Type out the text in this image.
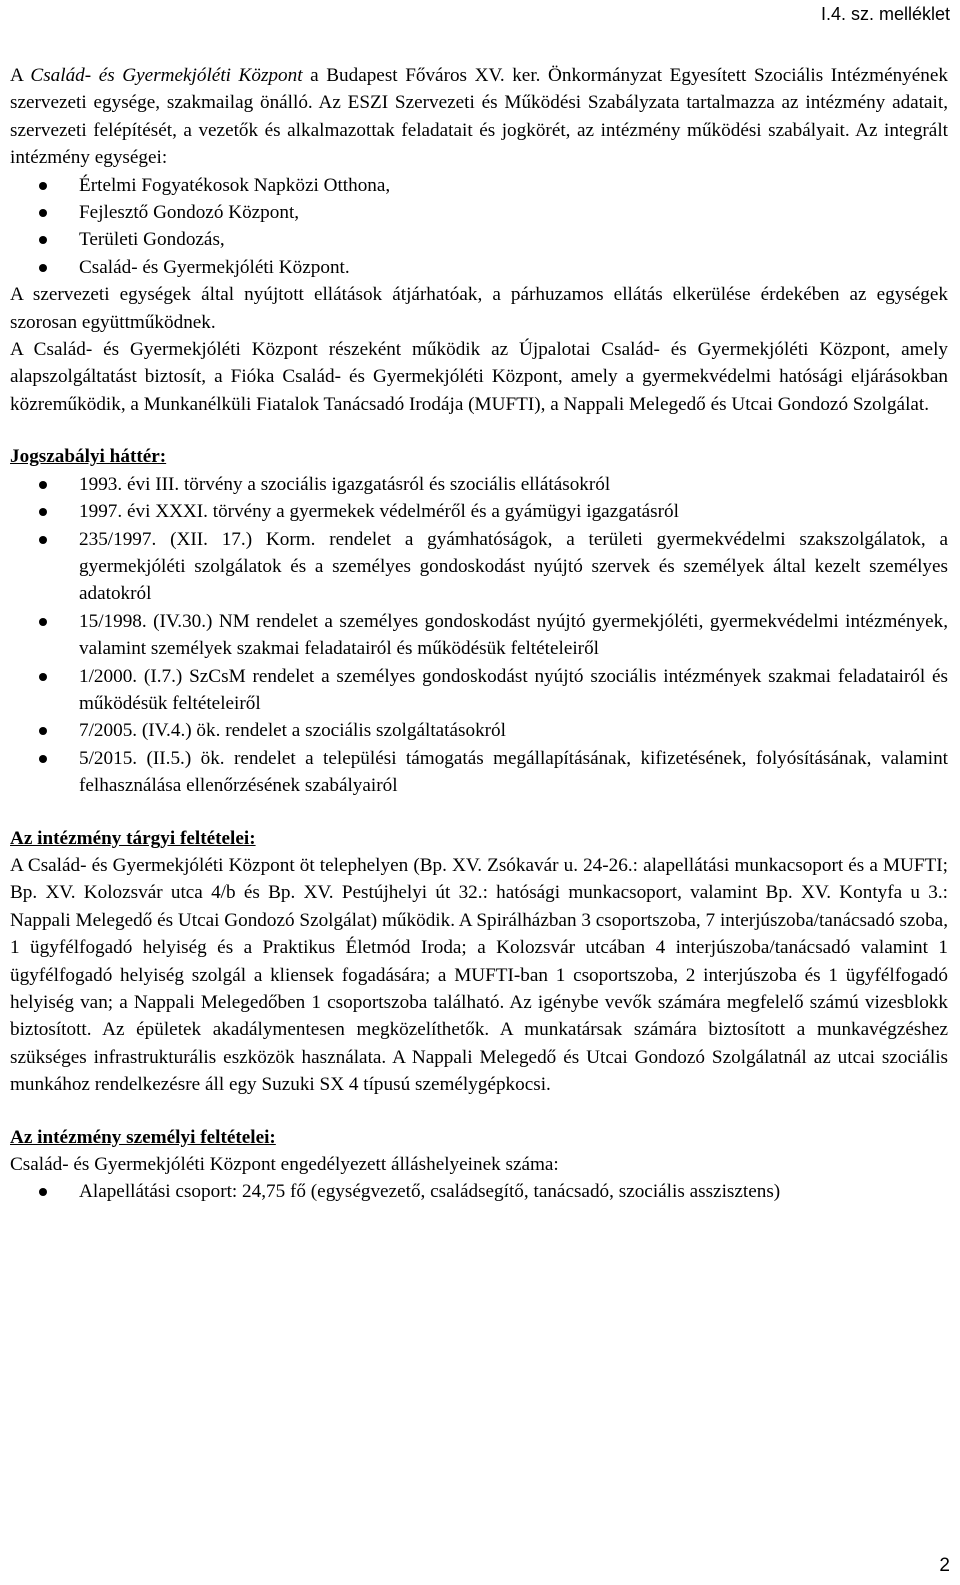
I.4. sz. melléklet

A Család- és Gyermekjóléti Központ a Budapest Főváros XV. ker. Önkormányzat Egyesített Szociális Intézményének szervezeti egysége, szakmailag önálló. Az ESZI Szervezeti és Működési Szabályzata tartalmazza az intézmény adatait, szervezeti felépítését, a vezetők és alkalmazottak feladatait és jogkörét, az intézmény működési szabályait. Az integrált intézmény egységei:

Értelmi Fogyatékosok Napközi Otthona,
Fejlesztő Gondozó Központ,
Területi Gondozás,
Család- és Gyermekjóléti Központ.

A szervezeti egységek által nyújtott ellátások átjárhatóak, a párhuzamos ellátás elkerülése érdekében az egységek szorosan együttműködnek.

A Család- és Gyermekjóléti Központ részeként működik az Újpalotai Család- és Gyermekjóléti Központ, amely alapszolgáltatást biztosít, a Fióka Család- és Gyermekjóléti Központ, amely a gyermekvédelmi hatósági eljárásokban közreműködik, a Munkanélküli Fiatalok Tanácsadó Irodája (MUFTI), a Nappali Melegedő és Utcai Gondozó Szolgálat.

Jogszabályi háttér:

1993. évi III. törvény a szociális igazgatásról és szociális ellátásokról
1997. évi XXXI. törvény a gyermekek védelméről és a gyámügyi igazgatásról
235/1997. (XII. 17.) Korm. rendelet a gyámhatóságok, a területi gyermekvédelmi szakszolgálatok, a gyermekjóléti szolgálatok és a személyes gondoskodást nyújtó szervek és személyek által kezelt személyes adatokról
15/1998. (IV.30.) NM rendelet a személyes gondoskodást nyújtó gyermekjóléti, gyermekvédelmi intézmények, valamint személyek szakmai feladatairól és működésük feltételeiről
1/2000. (I.7.) SzCsM rendelet a személyes gondoskodást nyújtó szociális intézmények szakmai feladatairól és működésük feltételeiről
7/2005. (IV.4.) ök. rendelet a szociális szolgáltatásokról
5/2015. (II.5.) ök. rendelet a települési támogatás megállapításának, kifizetésének, folyósításának, valamint felhasználása ellenőrzésének szabályairól

Az intézmény tárgyi feltételei:

A Család- és Gyermekjóléti Központ öt telephelyen (Bp. XV. Zsókavár u. 24-26.: alapellátási munkacsoport és a MUFTI; Bp. XV. Kolozsvár utca 4/b és Bp. XV. Pestújhelyi út 32.: hatósági munkacsoport, valamint Bp. XV. Kontyfa u 3.: Nappali Melegedő és Utcai Gondozó Szolgálat) működik. A Spirálházban 3 csoportszoba, 7 interjúszoba/tanácsadó szoba, 1 ügyfélfogadó helyiség és a Praktikus Életmód Iroda; a Kolozsvár utcában 4 interjúszoba/tanácsadó valamint 1 ügyfélfogadó helyiség szolgál a kliensek fogadására; a MUFTI-ban 1 csoportszoba, 2 interjúszoba és 1 ügyfélfogadó helyiség van; a Nappali Melegedőben 1 csoportszoba található. Az igénybe vevők számára megfelelő számú vizesblokk biztosított. Az épületek akadálymentesen megközelíthetők. A munkatársak számára biztosított a munkavégzéshez szükséges infrastrukturális eszközök használata. A Nappali Melegedő és Utcai Gondozó Szolgálatnál az utcai szociális munkához rendelkezésre áll egy Suzuki SX 4 típusú személygépkocsi.

Az intézmény személyi feltételei:

Család- és Gyermekjóléti Központ engedélyezett álláshelyeinek száma:

Alapellátási csoport: 24,75 fő (egységvezető, családsegítő, tanácsadó, szociális asszisztens)
2
